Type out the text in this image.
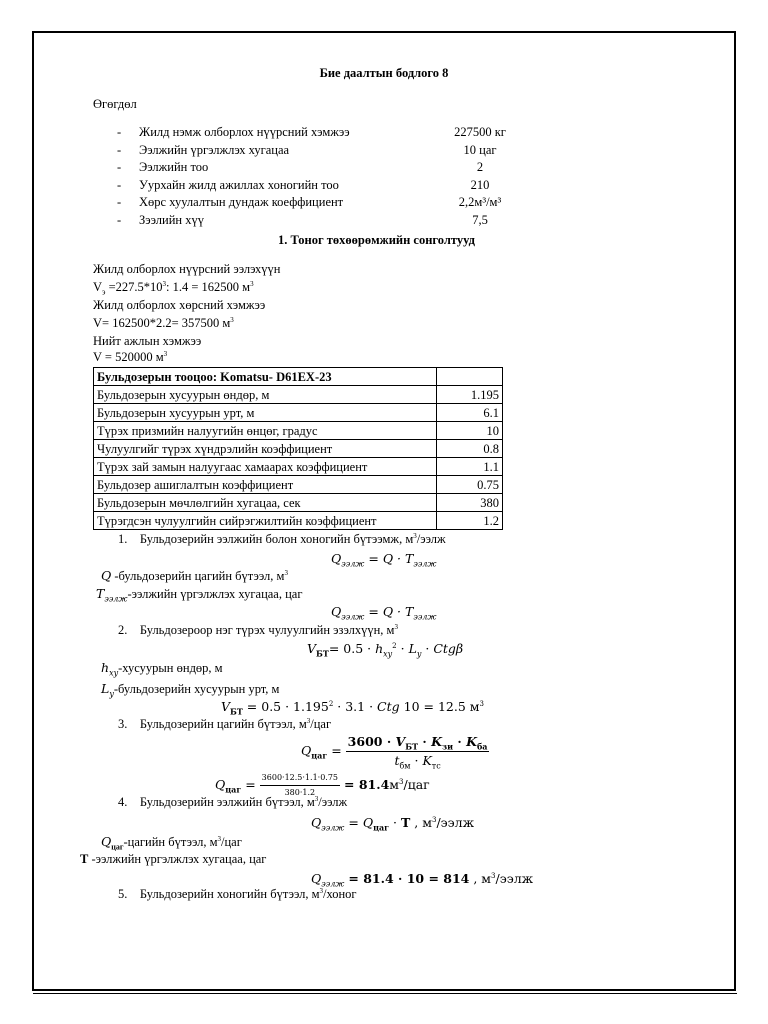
Бие даалтын бодлого 8
Өгөгдөл
- Жилд нэмж олборлох нүүрсний хэмжээ	227500 кг
- Ээлжийн үргэлжлэх хугацаа	10 цаг
- Ээлжийн тоо	2
- Уурхайн жилд ажиллах хоногийн тоо	210
- Хөрс хуулалтын дундаж коеффициент	2,2м³/м³
- Зээлийн хүү	7,5
1. Тоног төхөөрөмжийн сонголтууд
Жилд олборлох нүүрсний ээлэхүүн
$V_э =227.5*10^3$: 1.4 = 162500 $м^3$
Жилд олборлох хөрсний хэмжээ
V= 162500*2.2= 357500 $м^3$
Нийт ажлын хэмжээ
V = 520000 $м^3$
Бульдозерын тооцоо: Komatsu- D61EX-23	
Бульдозерын хусуурын өндөр, м	1.195
Бульдозерын хусуурын урт, м	6.1
Түрэх призмийн налуугийн өнцөг, градус	10
Чулуулгийг түрэх хүндрэлийн коэффициент	0.8
Түрэх зай замын налуугаас хамаарах коэффициент	1.1
Бульдозер ашиглалтын коэффициент	0.75
Бульдозерын мөчлөлгийн хугацаа, сек	380
Түрэгдсэн чулуулгийн сийрэгжилтийн коэффициент	1.2
1.    Бульдозерийн ээлжийн болон хоногийн бүтээмж, $м^3$/ээлж
$Q_{ээлж} = Q \cdot T_{ээлж}$
Q -бульдозерийн цагийн бүтээл, $м^3$
$T_{ээлж}$-ээлжийн үргэлжлэх хугацаа, цаг
$Q_{ээлж} = Q \cdot T_{ээлж}$
2.    Бульдозероор нэг түрэх чулуулгийн эзэлхүүн, $м^3$
$V_{БТ}= 0.5 \cdot h_{xy}^2 \cdot L_y \cdot Ctg\beta$
$h_{xy}$-хусуурын өндөр, м
$L_y$-бульдозерийн хусуурын урт, м
$V_{БТ} = 0.5 \cdot 1.195^2 \cdot 3.1$ · Ctg 10 = 12.5 $м^3$
3.    Бульдозерийн цагийн бүтээл, $м^3$/цаг
$Q_{цаг} = \frac{3600 \cdot V_{БТ} \cdot K_{зи} \cdot K_{ба}}{t_{бм} \cdot K_{тс}}$
$Q_{цаг} = \frac{3600\cdot 12.5\cdot 1.1\cdot 0.75}{380\cdot 1.2} = 81.4м^3/цаг$
4.    Бульдозерийн ээлжийн бүтээл, $м^3$/ээлж
$Q_{ээлж} = Q_{цаг} \cdot T$ , $м^3$/ээлж
$Q_{цаг}$-цагийн бүтээл, $м^3$/цаг
T -ээлжийн үргэлжлэх хугацаа, цаг
$Q_{ээлж} = 81.4 \cdot 10 = 814$ , $м^3$/ээлж
5.    Бульдозерийн хоногийн бүтээл, $м^3$/хоног
